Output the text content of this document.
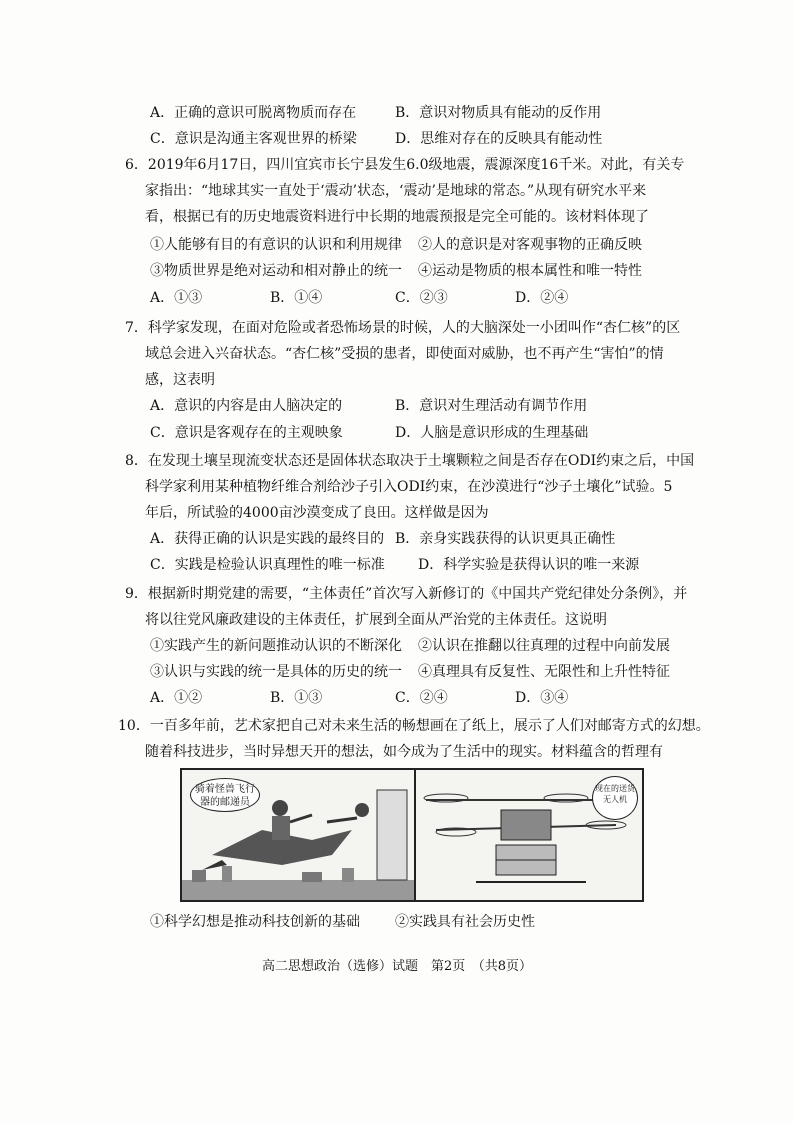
A．正确的意识可脱离物质而存在	B．意识对物质具有能动的反作用
C．意识是沟通主客观世界的桥梁	D．思维对存在的反映具有能动性
6．2019年6月17日，四川宜宾市长宁县发生6.0级地震，震源深度16千米。对此，有关专
家指出：“地球其实一直处于‘震动’状态，‘震动’是地球的常态。”从现有研究水平来
看，根据已有的历史地震资料进行中长期的地震预报是完全可能的。该材料体现了
①人能够有目的有意识的认识和利用规律 ②人的意识是对客观事物的正确反映
③物质世界是绝对运动和相对静止的统一 ④运动是物质的根本属性和唯一特性
A．①③	B．①④	C．②③	D．②④
7．科学家发现，在面对危险或者恐怖场景的时候，人的大脑深处一小团叫作“杏仁核”的区
域总会进入兴奋状态。“杏仁核”受损的患者，即使面对威胁，也不再产生“害怕”的情
感，这表明
A．意识的内容是由人脑决定的	B．意识对生理活动有调节作用
C．意识是客观存在的主观映象	D．人脑是意识形成的生理基础
8．在发现土壤呈现流变状态还是固体状态取决于土壤颗粒之间是否存在ODI约束之后，中国
科学家利用某种植物纤维合剂给沙子引入ODI约束，在沙漠进行“沙子土壤化”试验。5
年后，所试验的4000亩沙漠变成了良田。这样做是因为
A．获得正确的认识是实践的最终目的 B．亲身实践获得的认识更具正确性
C．实践是检验认识真理性的唯一标准 D．科学实验是获得认识的唯一来源
9．根据新时期党建的需要，“主体责任”首次写入新修订的《中国共产党纪律处分条例》，并
将以往党风廉政建设的主体责任，扩展到全面从严治党的主体责任。这说明
①实践产生的新问题推动认识的不断深化 ②认识在推翻以往真理的过程中向前发展
③认识与实践的统一是具体的历史的统一 ④真理具有反复性、无限性和上升性特征
A．①②	B．①③	C．②④	D．③④
10．一百多年前，艺术家把自己对未来生活的畅想画在了纸上，展示了人们对邮寄方式的幻想。
随着科技进步，当时异想天开的想法，如今成为了生活中的现实。材料蕴含的哲理有
骑着怪兽飞行器的邮递员
现在的送货无人机
①科学幻想是推动科技创新的基础	②实践具有社会历史性
高二思想政治（选修）试题　第2页　（共8页）
